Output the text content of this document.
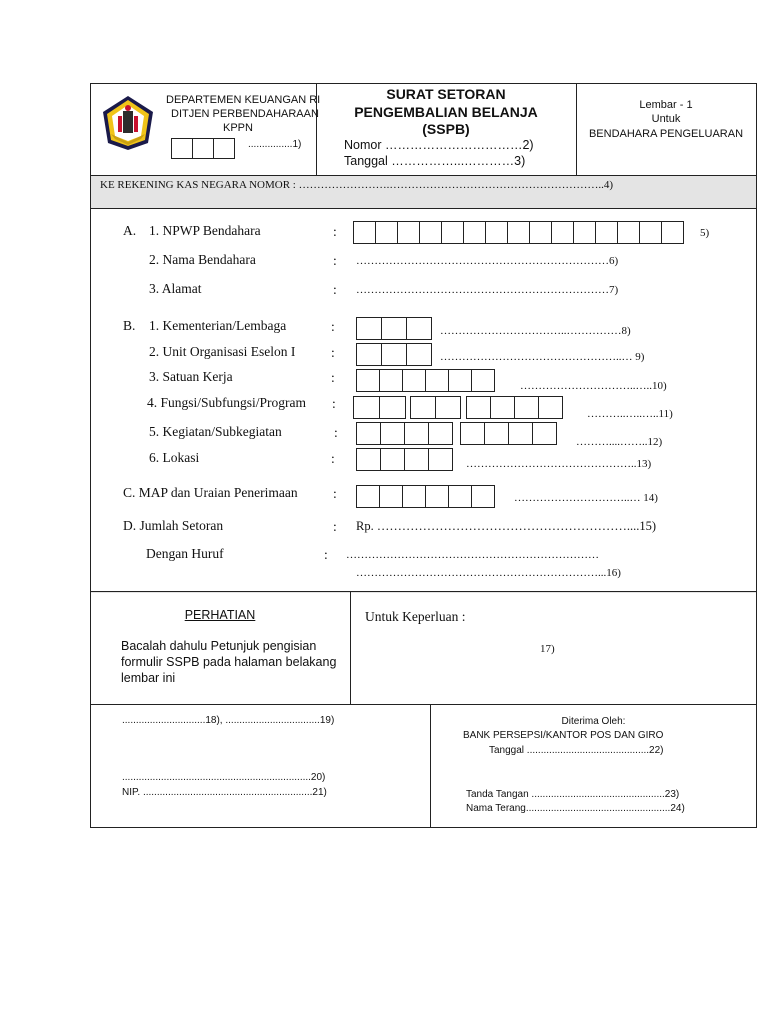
DEPARTEMEN KEUANGAN RI
DITJEN PERBENDAHARAAN
KPPN
................1)
SURAT SETORAN
PENGEMBALIAN BELANJA
(SSPB)
Nomor ……………………………2)
Tanggal ……………...…………3)
Lembar - 1
Untuk
BENDAHARA PENGELUARAN
KE REKENING KAS NEGARA NOMOR : …………………….…………………………………………………..4)
A. 1. NPWP Bendahara	:	5)
2. Nama Bendahara	: ……………………………………………………………6)
3. Alamat	: ……………………………………………………………7)
B. 1. Kementerian/Lembaga	:	……………………………..……………8)
2. Unit Organisasi Eselon I	:	…………………………………………..… 9)
3. Satuan Kerja	:
…………………………..…..10)
4. Fungsi/Subfungsi/Program :
………..…..…..11)
5. Kegiatan/Subkegiatan	:
………....……..12)
6. Lokasi	:	………………………………………..13)
C. MAP dan Uraian Penerimaan	:	…………………………..… 14)
D. Jumlah Setoran	: Rp. ……………………………………………………....15)
Dengan Huruf	: ……………………………………………………………
…………………………………………………………...16)
PERHATIAN
Bacalah dahulu Petunjuk pengisian
formulir SSPB pada halaman belakang
lembar ini
Untuk Keperluan :
17)
..............................18), ..................................19)
....................................................................20)
NIP. .............................................................21)
Diterima Oleh:
BANK PERSEPSI/KANTOR POS DAN GIRO
Tanggal ............................................22)
Tanda Tangan ................................................23)
Nama Terang....................................................24)
